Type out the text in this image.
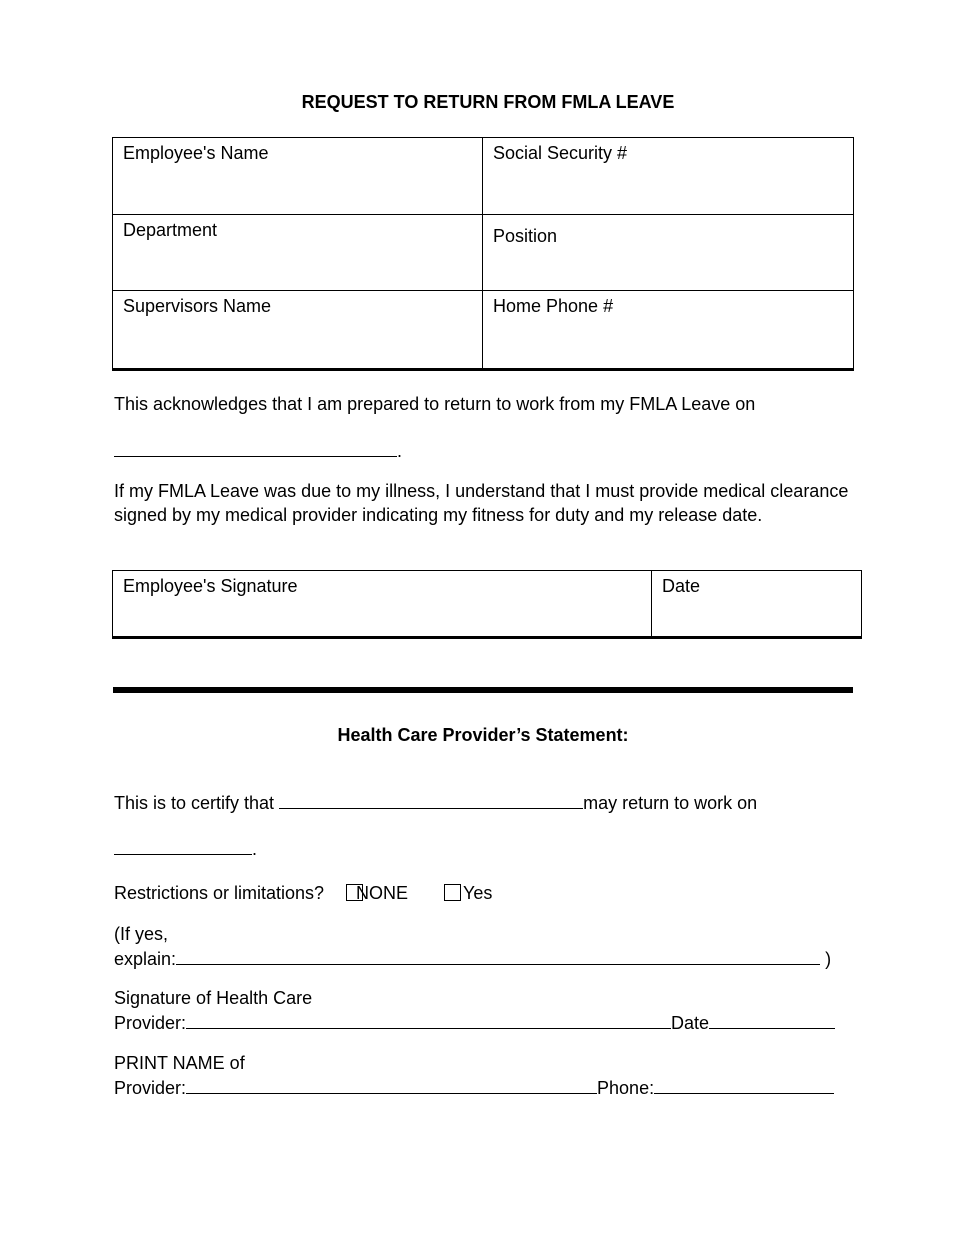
REQUEST TO RETURN FROM FMLA LEAVE
Employee's Name	Social Security #
Department	Position
Supervisors Name	Home Phone #
This acknowledges that I am prepared to return to work from my FMLA Leave on
.
If my FMLA Leave was due to my illness, I understand that I must provide medical clearance signed by my medical provider indicating my fitness for duty and my release date.
Employee's Signature	Date
Health Care Provider’s Statement:
This is to certify that	may return to work on
.
Restrictions or limitations?	NONE	Yes
(If yes,
explain:	)
Signature of Health Care
Provider:	Date
PRINT NAME of
Provider:	Phone:
